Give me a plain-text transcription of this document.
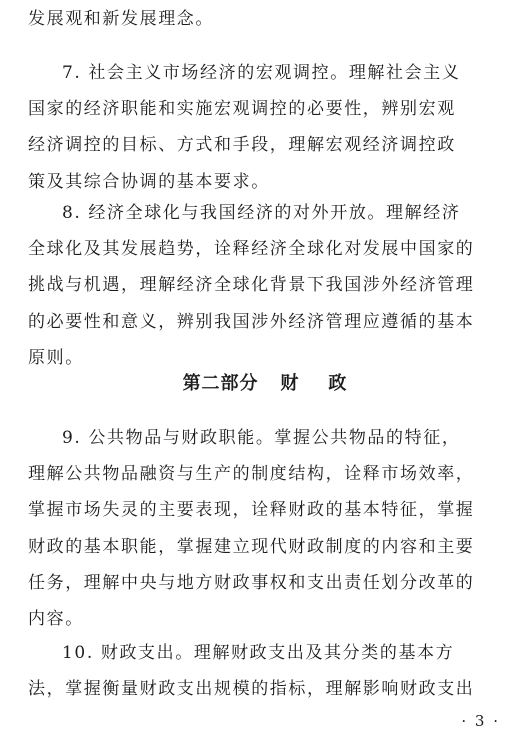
发展观和新发展理念。

7. 社会主义市场经济的宏观调控。理解社会主义
国家的经济职能和实施宏观调控的必要性，辨别宏观
经济调控的目标、方式和手段，理解宏观经济调控政
策及其综合协调的基本要求。

8. 经济全球化与我国经济的对外开放。理解经济
全球化及其发展趋势，诠释经济全球化对发展中国家的
挑战与机遇，理解经济全球化背景下我国涉外经济管理
的必要性和意义，辨别我国涉外经济管理应遵循的基本
原则。

第二部分   财    政

9. 公共物品与财政职能。掌握公共物品的特征，
理解公共物品融资与生产的制度结构，诠释市场效率，
掌握市场失灵的主要表现，诠释财政的基本特征，掌握
财政的基本职能，掌握建立现代财政制度的内容和主要
任务，理解中央与地方财政事权和支出责任划分改革的
内容。

10. 财政支出。理解财政支出及其分类的基本方
法，掌握衡量财政支出规模的指标，理解影响财政支出

· 3 ·
